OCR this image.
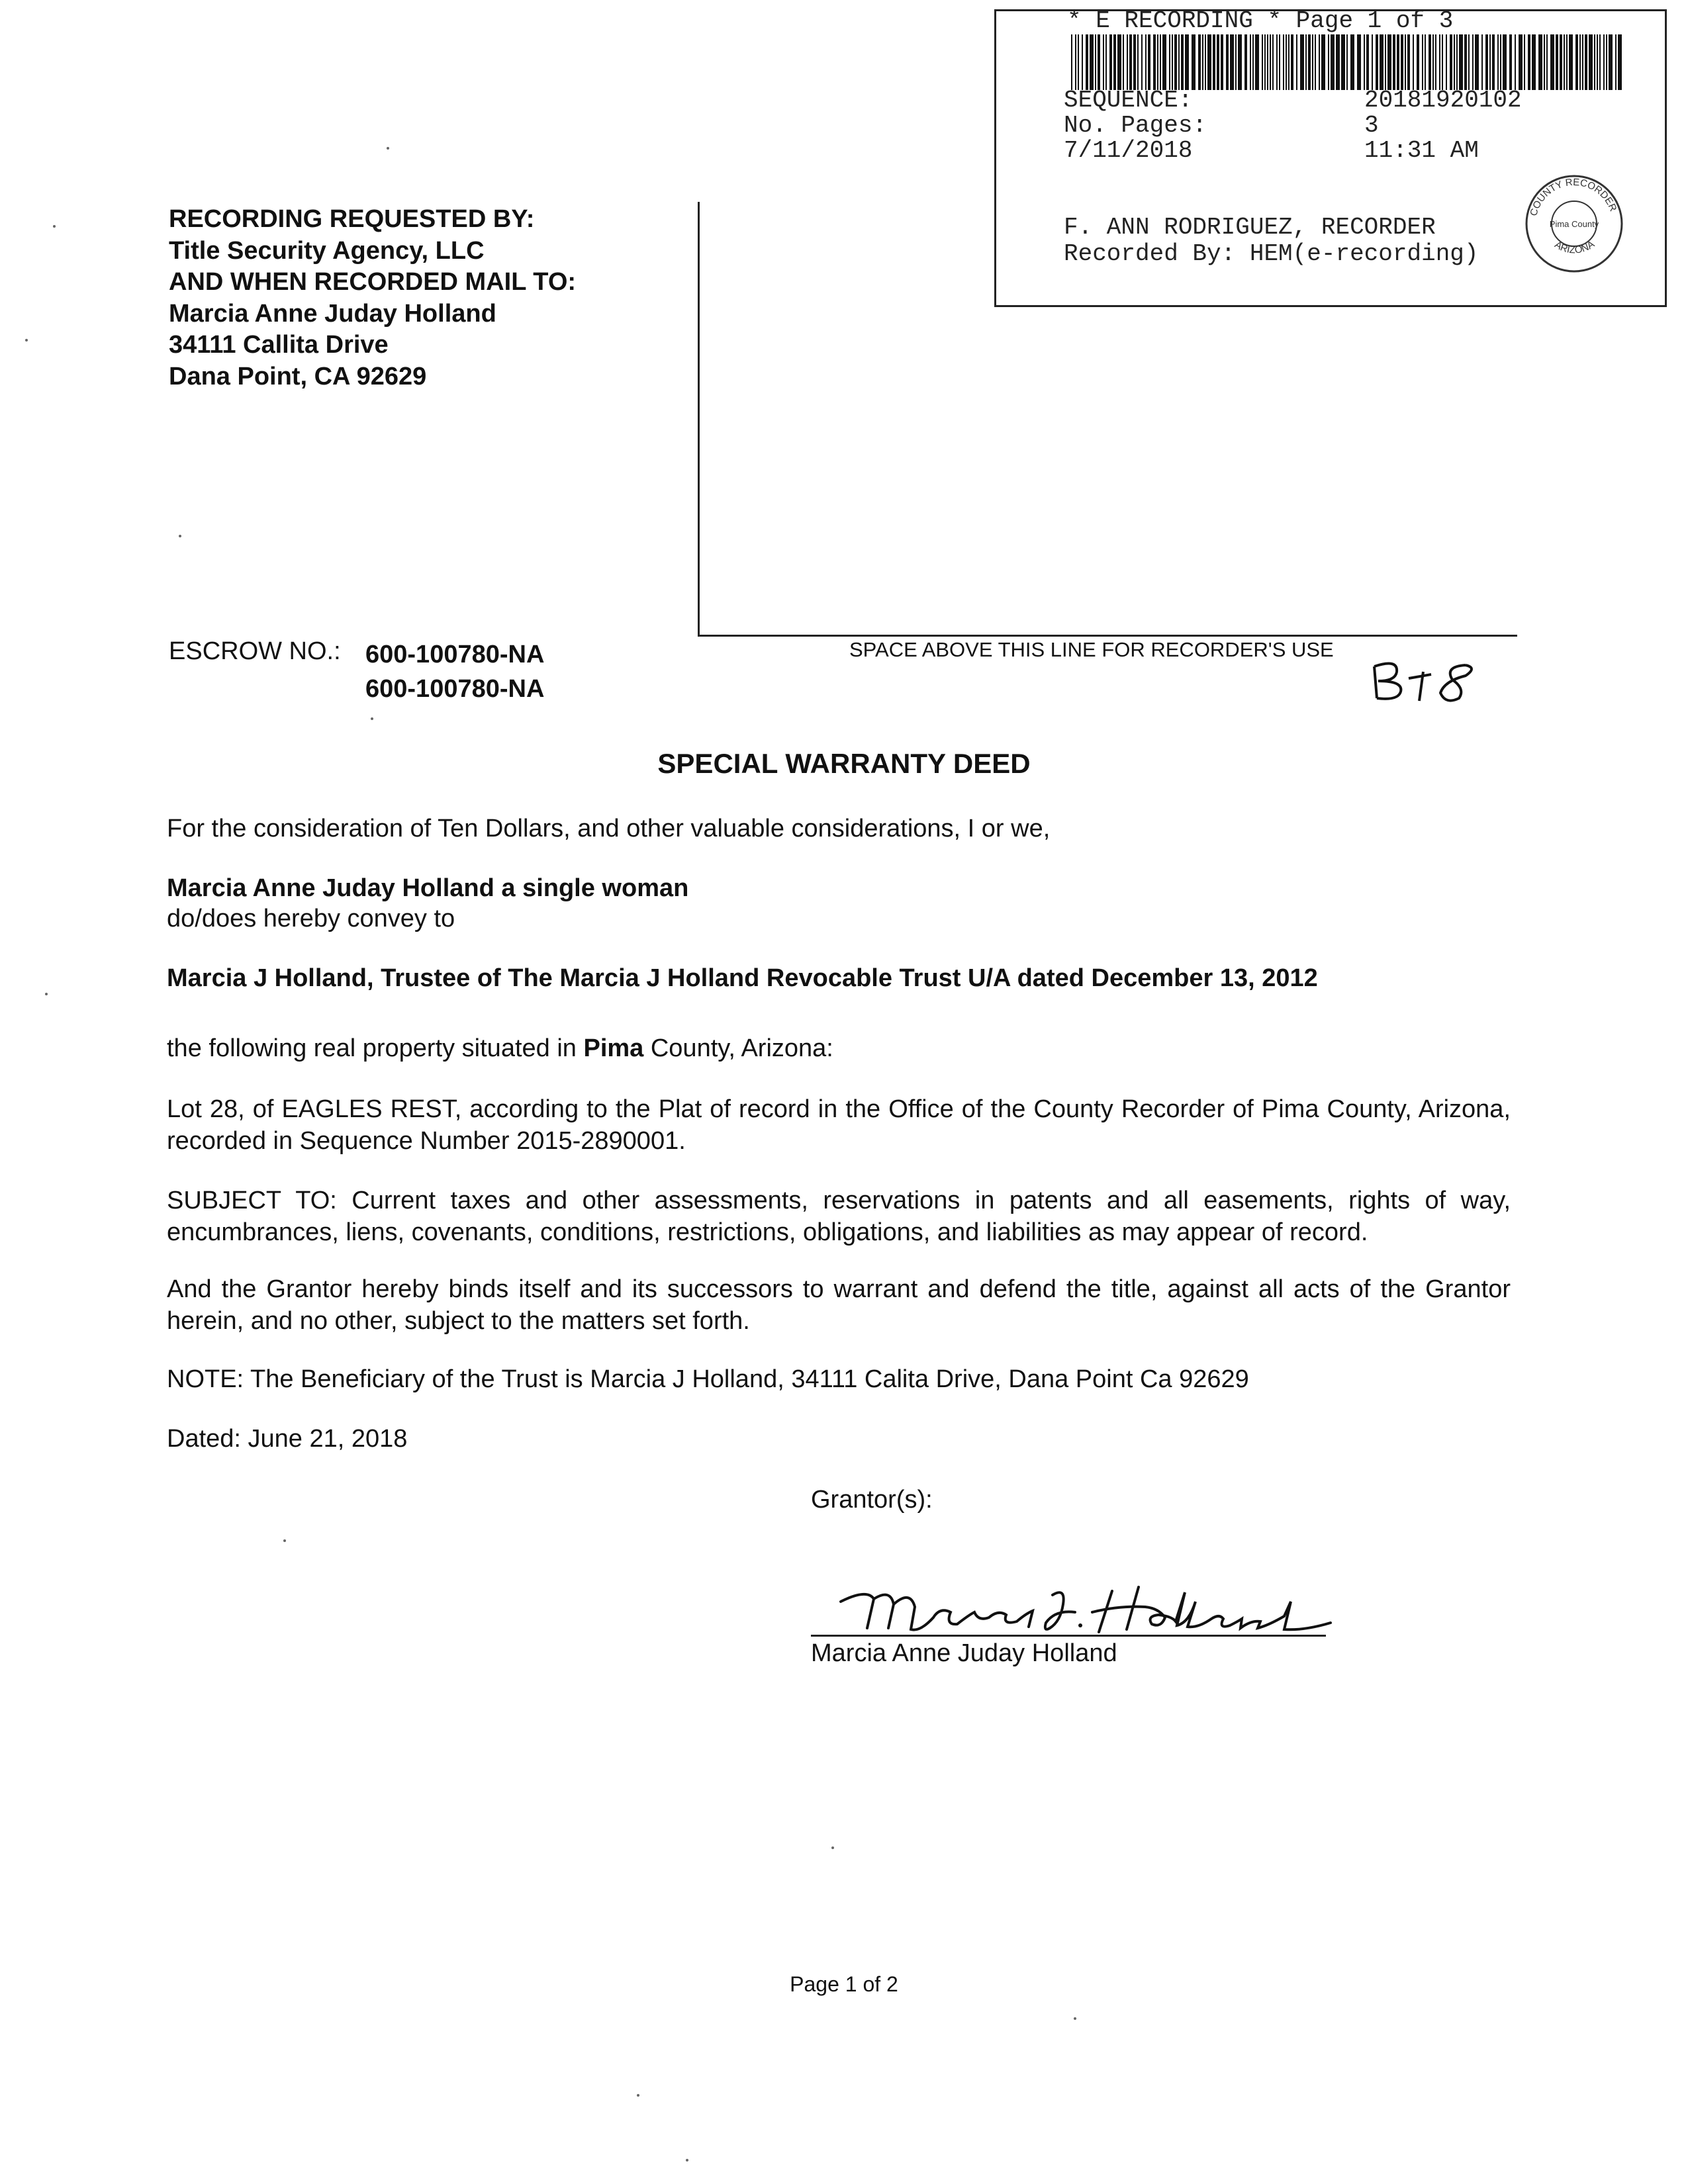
* E RECORDING * Page 1 of 3
SEQUENCE:	20181920102
No. Pages:	3
7/11/2018	11:31 AM
F. ANN RODRIGUEZ, RECORDER
Recorded By: HEM(e-recording)
COUNTY RECORDER
ARIZONA
Pima County
RECORDING REQUESTED BY:
Title Security Agency, LLC
AND WHEN RECORDED MAIL TO:
Marcia Anne Juday Holland
34111 Callita Drive
Dana Point, CA 92629
ESCROW NO.: 600-100780-NA
600-100780-NA
SPACE ABOVE THIS LINE FOR RECORDER'S USE
SPECIAL WARRANTY DEED
For the consideration of Ten Dollars, and other valuable considerations, I or we,
Marcia Anne Juday Holland a single woman
do/does hereby convey to
Marcia J Holland, Trustee of The Marcia J Holland Revocable Trust U/A dated December 13, 2012
the following real property situated in Pima County, Arizona:
Lot 28, of EAGLES REST, according to the Plat of record in the Office of the County Recorder of Pima County, Arizona, recorded in Sequence Number 2015-2890001.
SUBJECT TO: Current taxes and other assessments, reservations in patents and all easements, rights of way, encumbrances, liens, covenants, conditions, restrictions, obligations, and liabilities as may appear of record.
And the Grantor hereby binds itself and its successors to warrant and defend the title, against all acts of the Grantor herein, and no other, subject to the matters set forth.
NOTE: The Beneficiary of the Trust is Marcia J Holland, 34111 Calita Drive, Dana Point Ca 92629
Dated: June 21, 2018
Grantor(s):
Marcia Anne Juday Holland
Page 1 of 2
